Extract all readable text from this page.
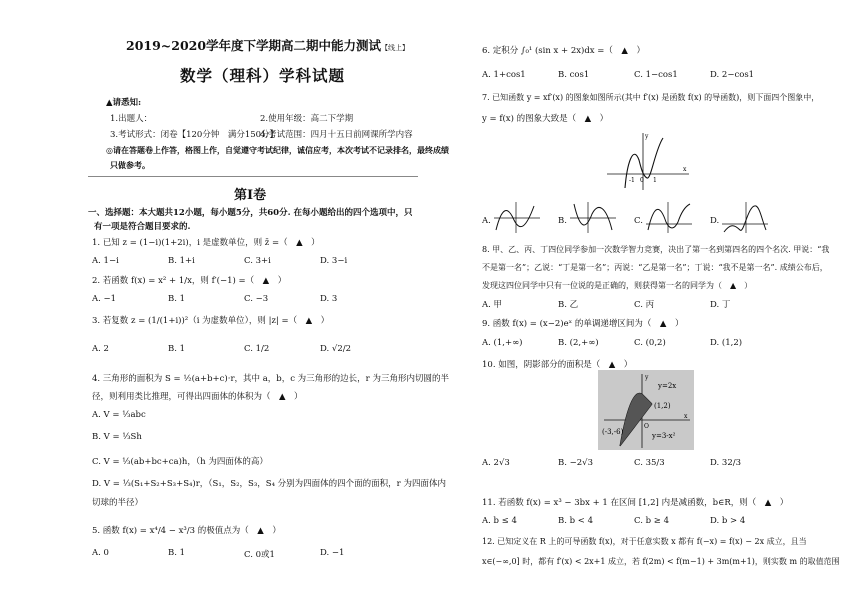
2019~2020学年度下学期高二期中能力测试【线上】
数学（理科）学科试题
▲请悉知:
1.出题人：	2.使用年级：高二下学期
3.考试形式：闭卷【120分钟　满分150分】
4.考试范围：四月十五日前网课所学内容
◎请在答题卷上作答，格图上作，自觉遵守考试纪律，诚信应考，本次考试不记录排名，最终成绩
只做参考。
第Ⅰ卷
一、选择题：本大题共12小题，每小题5分，共60分. 在每小题给出的四个选项中，只
有一项是符合题目要求的.
1. 已知 z = (1−i)(1+2i)，i 是虚数单位，则 z̄ =（　▲　）
A. 1−i	B. 1+i	C. 3+i	D. 3−i
2. 若函数 f(x) = x² + 1/x，则 f′(−1) =（　▲　）
A. −1	B. 1	C. −3	D. 3
3. 若复数 z = (1/(1+i))²（i 为虚数单位），则 |z| =（　▲　）
A. 2	B. 1	C. 1/2	D. √2/2
4. 三角形的面积为 S = ½(a+b+c)·r，其中 a，b，c 为三角形的边长，r 为三角形内切圆的半
径，则利用类比推理，可得出四面体的体积为（　▲　）
A. V = ⅓abc
B. V = ⅓Sh
C. V = ⅓(ab+bc+ca)h，（h 为四面体的高）
D. V = ⅓(S₁+S₂+S₃+S₄)r，（S₁，S₂，S₃，S₄ 分别为四面体的四个面的面积，r 为四面体内
切球的半径）
5. 函数 f(x) = x⁴/4 − x³/3 的极值点为（　▲　）
A. 0	B. 1	C. 0或1	D. −1
6. 定积分 ∫₀¹ (sin x + 2x)dx =（　▲　）
A. 1+cos1	B. cos1	C. 1−cos1	D. 2−cos1
7. 已知函数 y = xf′(x) 的图象如图所示(其中 f′(x) 是函数 f(x) 的导函数)，则下面四个图象中，
y = f(x) 的图象大致是（　▲　）
-1 0 1
x
y
A.	B.	C.	D.
8. 甲、乙、丙、丁四位同学参加一次数学智力竞赛，决出了第一名到第四名的四个名次. 甲说：“我
不是第一名”；乙说：“丁是第一名”；丙说：“乙是第一名”；丁说：“我不是第一名”. 成绩公布后，
发现这四位同学中只有一位说的是正确的，则获得第一名的同学为（　▲　）
A. 甲	B. 乙	C. 丙	D. 丁
9. 函数 f(x) = (x−2)eˣ 的单调递增区间为（　▲　）
A. (1,+∞)	B. (2,+∞)	C. (0,2)	D. (1,2)
10. 如图，阴影部分的面积是（　▲　）
y=2x
(1,2)
(-3,-6)	y=3-x²
O
x
y
A. 2√3	B. −2√3	C. 35/3	D. 32/3
11. 若函数 f(x) = x³ − 3bx + 1 在区间 [1,2] 内是减函数，b∈R，则（　▲　）
A. b ≤ 4	B. b < 4	C. b ≥ 4	D. b > 4
12. 已知定义在 R 上的可导函数 f(x)，对于任意实数 x 都有 f(−x) = f(x) − 2x 成立，且当
x∈(−∞,0] 时，都有 f′(x) < 2x+1 成立，若 f(2m) < f(m−1) + 3m(m+1)，则实数 m 的取值范围
